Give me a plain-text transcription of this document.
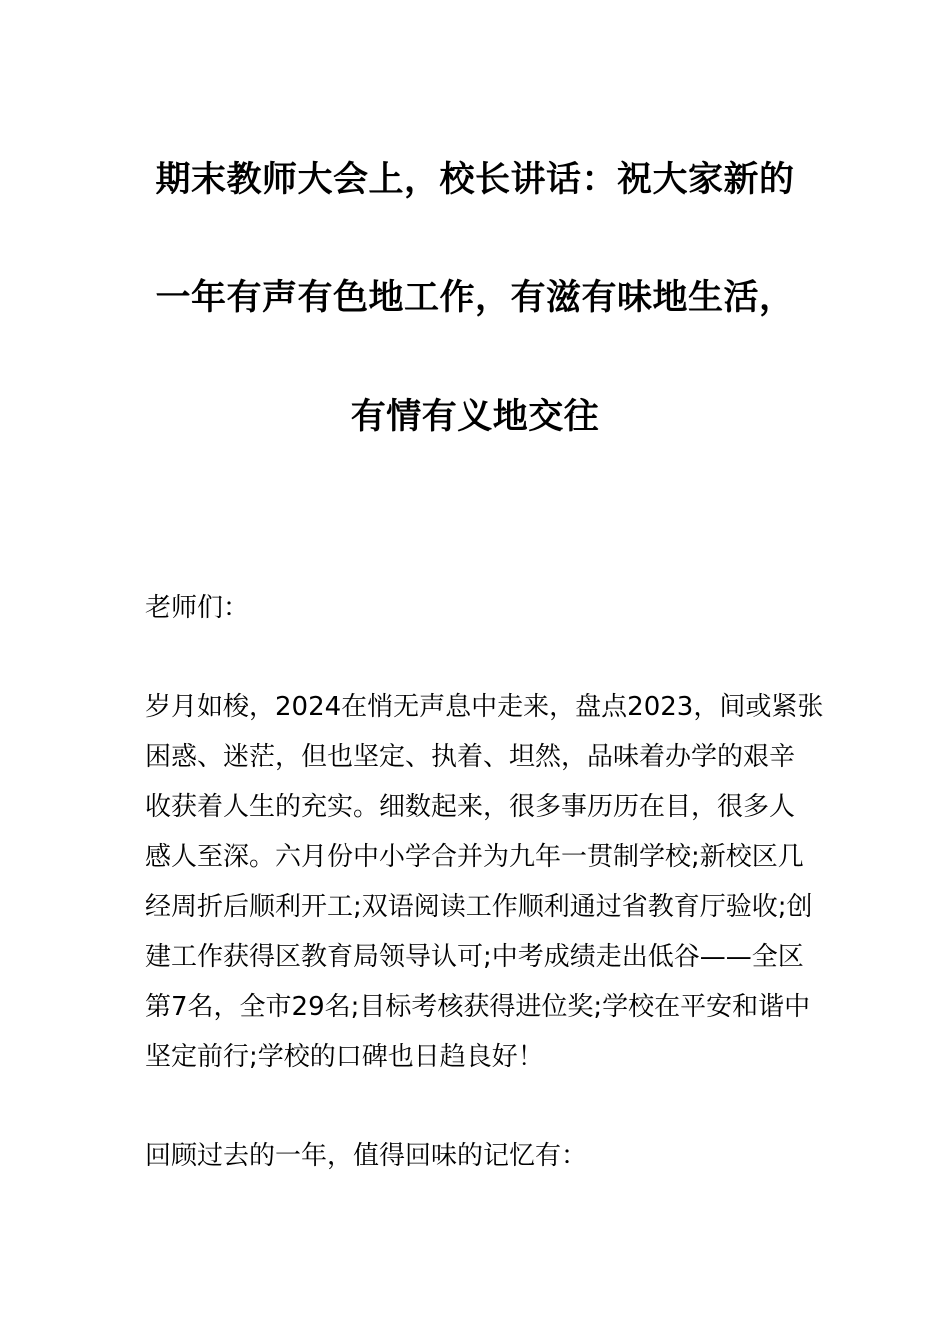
期末教师大会上，校长讲话：祝大家新的
一年有声有色地工作，有滋有味地生活，
有情有义地交往
老师们：
岁月如梭，2024在悄无声息中走来，盘点2023，间或紧张
困惑、迷茫，但也坚定、执着、坦然，品味着办学的艰辛
收获着人生的充实。细数起来，很多事历历在目，很多人
感人至深。六月份中小学合并为九年一贯制学校;新校区几
经周折后顺利开工;双语阅读工作顺利通过省教育厅验收;创
建工作获得区教育局领导认可;中考成绩走出低谷——全区
第7名，全市29名;目标考核获得进位奖;学校在平安和谐中
坚定前行;学校的口碑也日趋良好！
回顾过去的一年，值得回味的记忆有：
